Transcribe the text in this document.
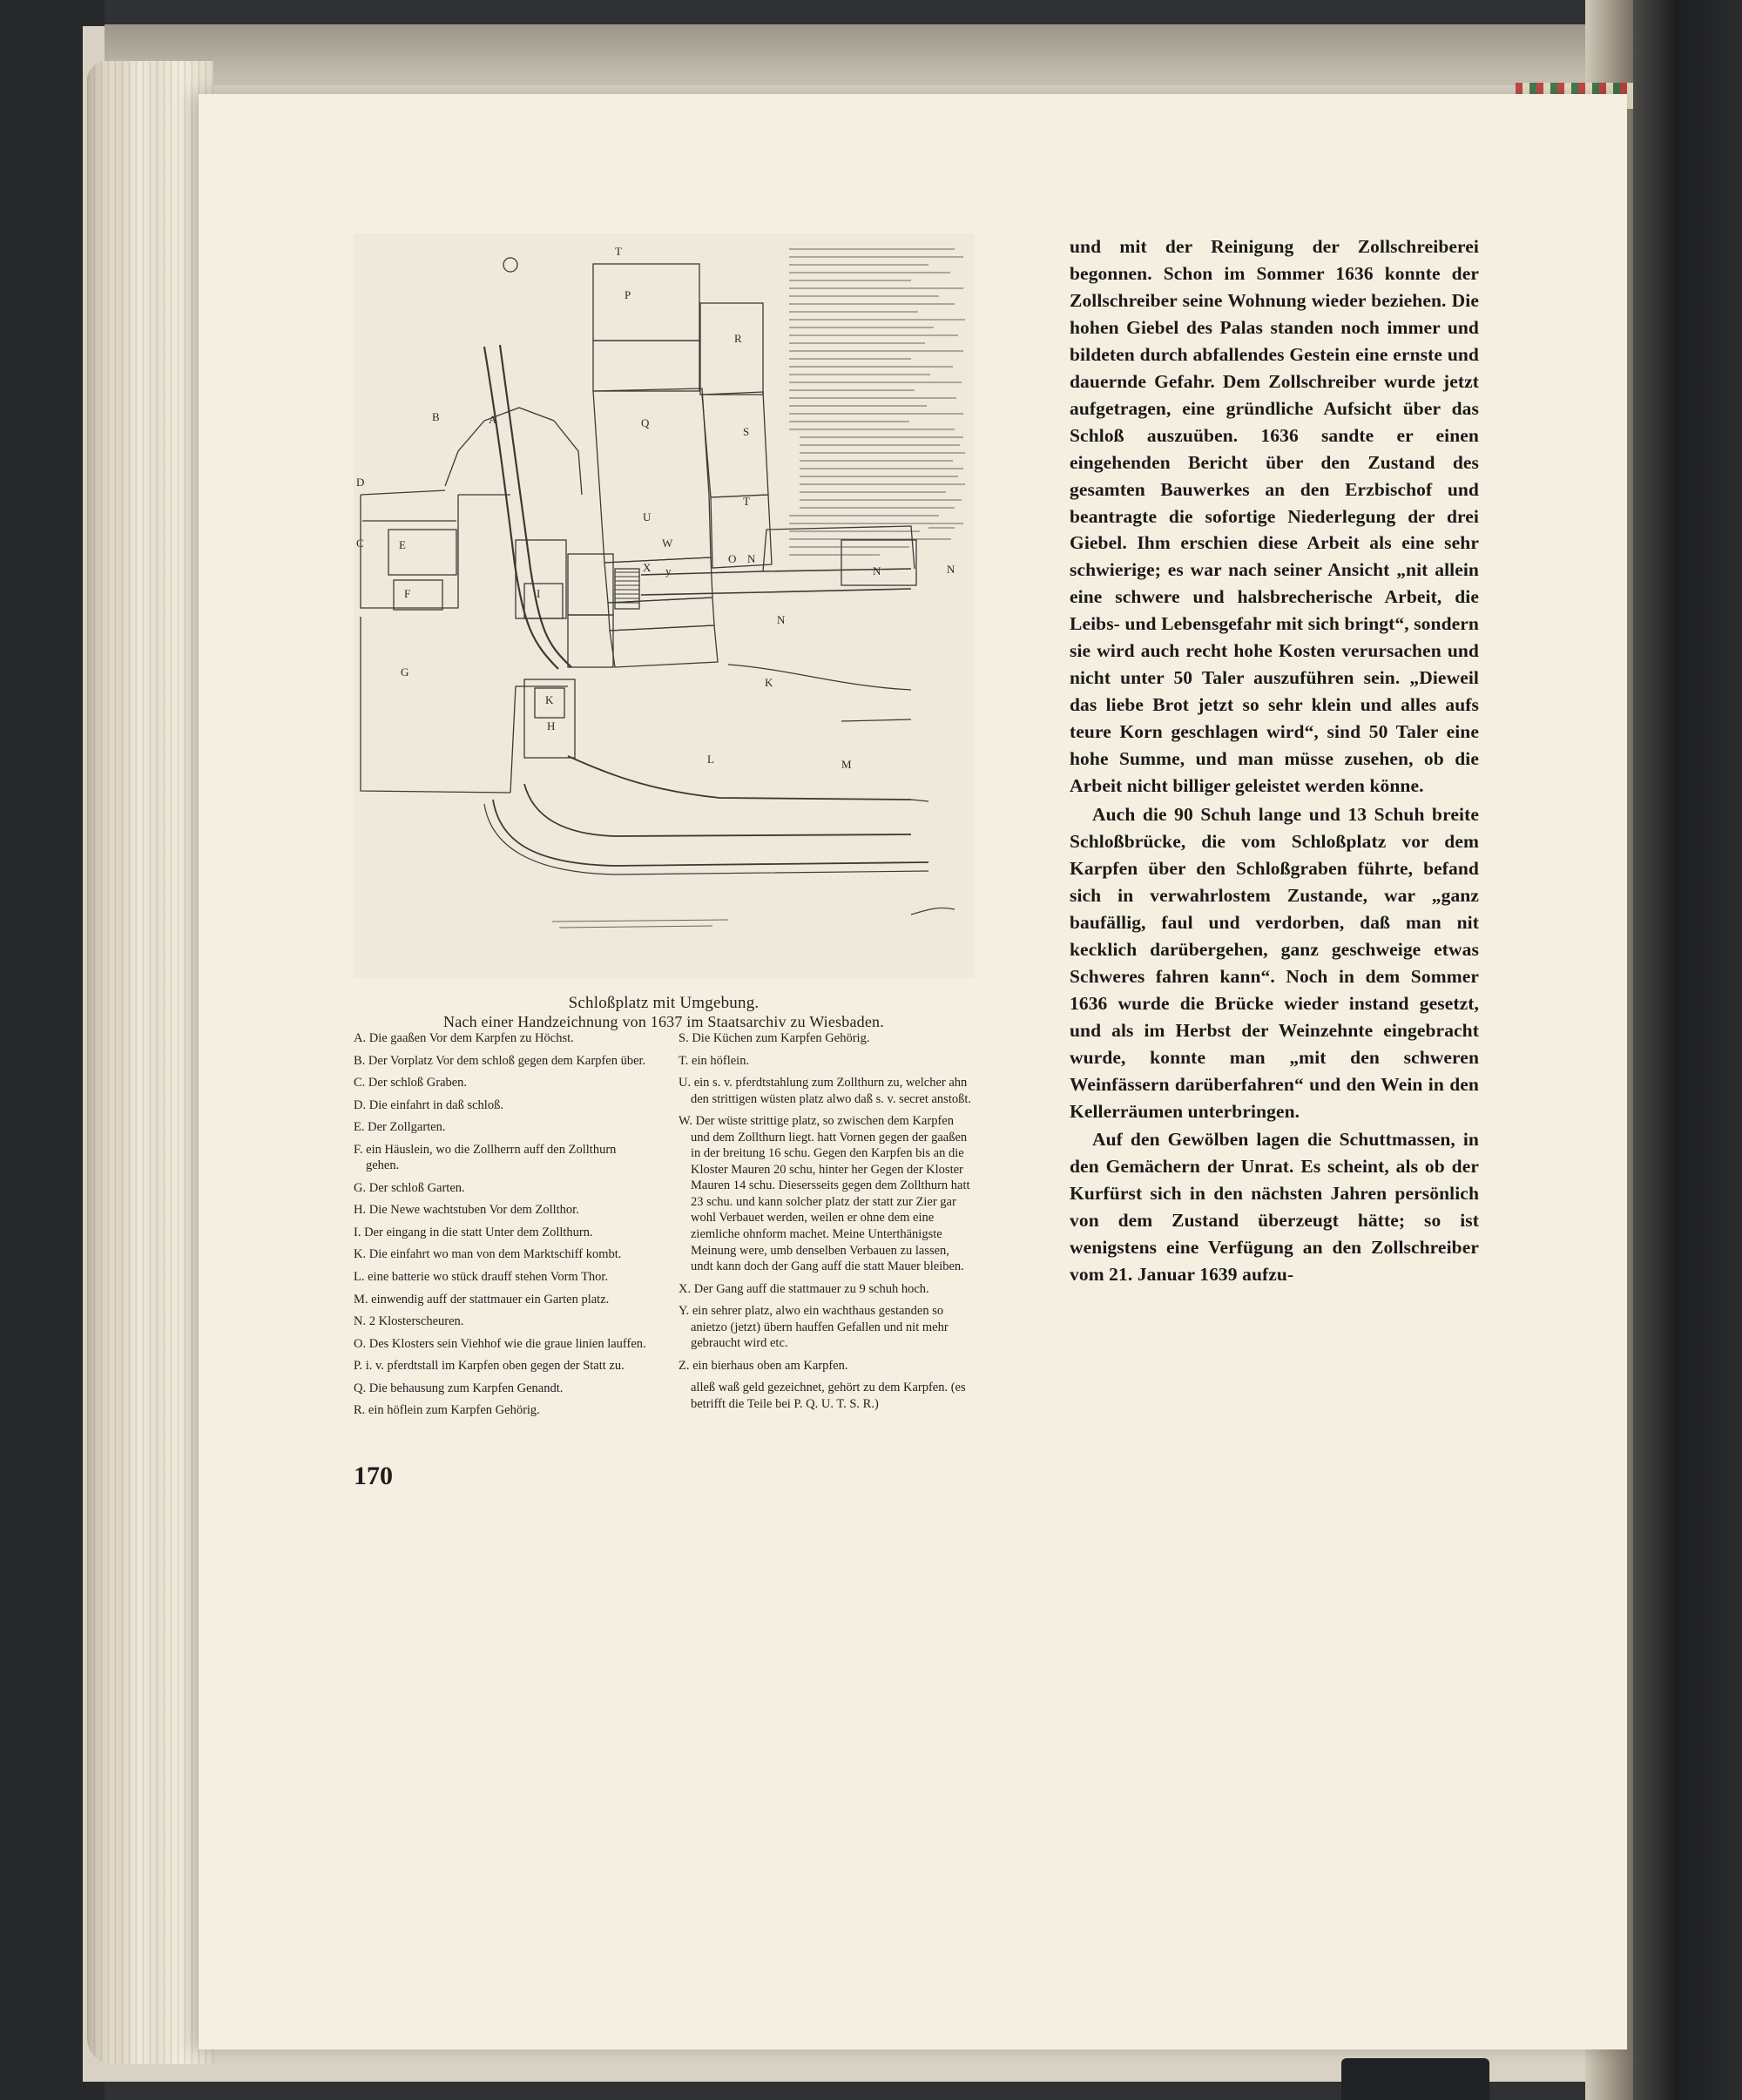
T
P
R
B	A	Q
S
D
T
U
C	E	W
X y
O N
N	N
F	I
N
G
K
K
H
L	M
Schloßplatz mit Umgebung.
Nach einer Handzeichnung von 1637 im Staatsarchiv zu Wiesbaden.

A. Die gaaßen Vor dem Karpfen zu Höchst.

B. Der Vorplatz Vor dem schloß gegen dem Karpfen über.

C. Der schloß Graben.

D. Die einfahrt in daß schloß.

E. Der Zollgarten.

F. ein Häuslein, wo die Zollherrn auff den Zollthurn gehen.

G. Der schloß Garten.

H. Die Newe wachtstuben Vor dem Zollthor.

I. Der eingang in die statt Unter dem Zollthurn.

K. Die einfahrt wo man von dem Marktschiff kombt.

L. eine batterie wo stück drauff stehen Vorm Thor.

M. einwendig auff der stattmauer ein Garten platz.

N. 2 Klosterscheuren.

O. Des Klosters sein Viehhof wie die graue linien lauffen.

P. i. v. pferdtstall im Karpfen oben gegen der Statt zu.

Q. Die behausung zum Karpfen Genandt.

R. ein höflein zum Karpfen Gehörig.

S. Die Küchen zum Karpfen Gehörig.

T. ein höflein.

U. ein s. v. pferdtstahlung zum Zollthurn zu, welcher ahn den strittigen wüsten platz alwo daß s. v. secret anstoßt.

W. Der wüste strittige platz, so zwischen dem Karpfen und dem Zollthurn liegt. hatt Vornen gegen der gaaßen in der breitung 16 schu. Gegen den Karpfen bis an die Kloster Mauren 20 schu, hinter her Gegen der Kloster Mauren 14 schu. Diesersseits gegen dem Zollthurn hatt 23 schu. und kann solcher platz der statt zur Zier gar wohl Verbauet werden, weilen er ohne dem eine ziemliche ohnform machet. Meine Unterthänigste Meinung were, umb denselben Verbauen zu lassen, undt kann doch der Gang auff die statt Mauer bleiben.

X. Der Gang auff die stattmauer zu 9 schuh hoch.

Y. ein sehrer platz, alwo ein wachthaus gestanden so anietzo (jetzt) übern hauffen Gefallen und nit mehr gebraucht wird etc.

Z. ein bierhaus oben am Karpfen.

alleß waß geld gezeichnet, gehört zu dem Karpfen. (es betrifft die Teile bei P. Q. U. T. S. R.)

170

und mit der Reinigung der Zollschreiberei begonnen. Schon im Sommer 1636 konnte der Zollschreiber seine Wohnung wieder beziehen. Die hohen Giebel des Palas standen noch immer und bildeten durch abfallendes Gestein eine ernste und dauernde Gefahr. Dem Zollschreiber wurde jetzt aufgetragen, eine gründliche Aufsicht über das Schloß auszuüben. 1636 sandte er einen eingehenden Bericht über den Zustand des gesamten Bauwerkes an den Erzbischof und beantragte die sofortige Niederlegung der drei Giebel. Ihm erschien diese Arbeit als eine sehr schwierige; es war nach seiner Ansicht „nit allein eine schwere und halsbrecherische Arbeit, die Leibs- und Lebensgefahr mit sich bringt“, sondern sie wird auch recht hohe Kosten verursachen und nicht unter 50 Taler auszuführen sein. „Dieweil das liebe Brot jetzt so sehr klein und alles aufs teure Korn geschlagen wird“, sind 50 Taler eine hohe Summe, und man müsse zusehen, ob die Arbeit nicht billiger geleistet werden könne.

Auch die 90 Schuh lange und 13 Schuh breite Schloßbrücke, die vom Schloßplatz vor dem Karpfen über den Schloßgraben führte, befand sich in verwahrlostem Zustande, war „ganz baufällig, faul und verdorben, daß man nit kecklich darübergehen, ganz geschweige etwas Schweres fahren kann“. Noch in dem Sommer 1636 wurde die Brücke wieder instand gesetzt, und als im Herbst der Weinzehnte eingebracht wurde, konnte man „mit den schweren Weinfässern darüberfahren“ und den Wein in den Kellerräumen unterbringen.

Auf den Gewölben lagen die Schuttmassen, in den Gemächern der Unrat. Es scheint, als ob der Kurfürst sich in den nächsten Jahren persönlich von dem Zustand überzeugt hätte; so ist wenigstens eine Verfügung an den Zollschreiber vom 21. Januar 1639 aufzu-
